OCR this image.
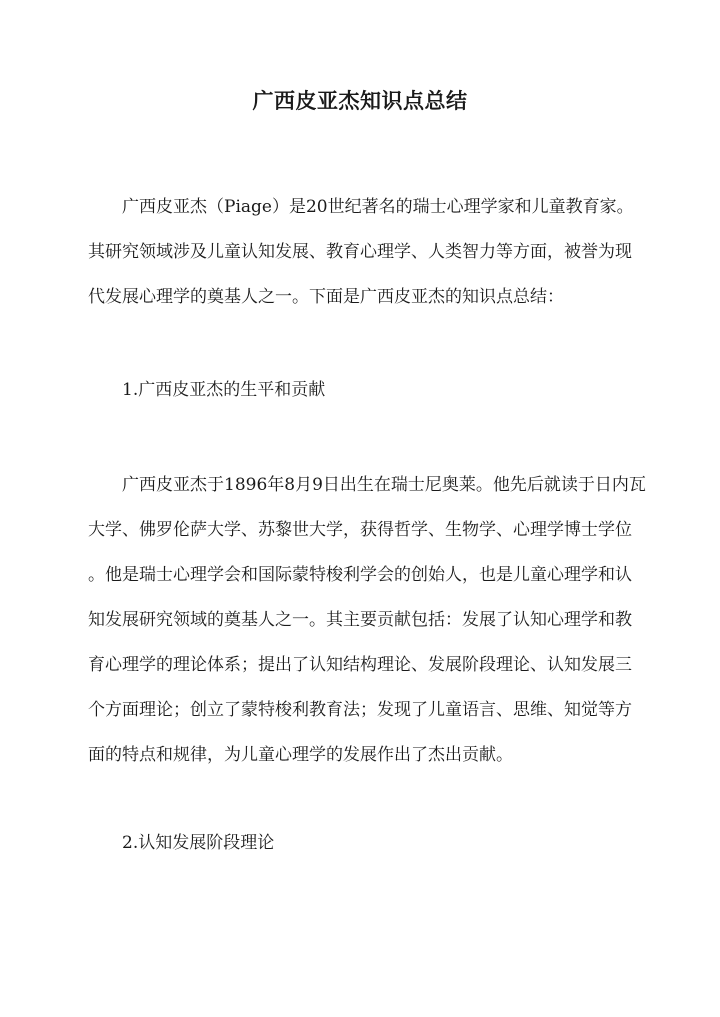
广西皮亚杰知识点总结

广西皮亚杰（Piage）是20世纪著名的瑞士心理学家和儿童教育家。
其研究领域涉及儿童认知发展、教育心理学、人类智力等方面，被誉为现
代发展心理学的奠基人之一。下面是广西皮亚杰的知识点总结：

1.广西皮亚杰的生平和贡献

广西皮亚杰于1896年8月9日出生在瑞士尼奥莱。他先后就读于日内瓦
大学、佛罗伦萨大学、苏黎世大学，获得哲学、生物学、心理学博士学位
。他是瑞士心理学会和国际蒙特梭利学会的创始人，也是儿童心理学和认
知发展研究领域的奠基人之一。其主要贡献包括：发展了认知心理学和教
育心理学的理论体系；提出了认知结构理论、发展阶段理论、认知发展三
个方面理论；创立了蒙特梭利教育法；发现了儿童语言、思维、知觉等方
面的特点和规律，为儿童心理学的发展作出了杰出贡献。

2.认知发展阶段理论
